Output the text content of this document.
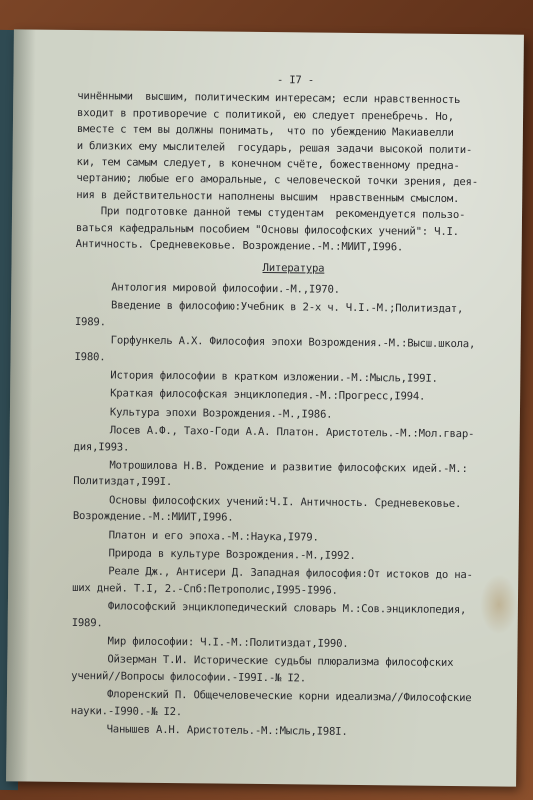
- I7 -
чинёнными  высшим, политическим интересам; если нравственность
входит в противоречие с политикой, ею следует пренебречь. Но,
вместе с тем вы должны понимать,  что по убеждению Макиавелли
и близких ему мыслителей  государь, решая задачи высокой полити-
ки, тем самым следует, в конечном счёте, божественному предна-
чертанию; любые его аморальные, с человеческой точки зрения, дея-
ния в действительности наполнены высшим  нравственным смыслом.
При подготовке данной темы студентам  рекомендуется пользо-
ваться кафедральным пособием "Основы философских учений": Ч.I.
Античность. Средневековье. Возрождение.-М.:МИИТ,I996.
Литература
Антология мировой философии.-М.,I970.
Введение в философию:Учебник в 2-х ч. Ч.I.-М.;Политиздат,
I989.
Горфункель А.Х. Философия эпохи Возрождения.-М.:Высш.школа,
I980.
История философии в кратком изложении.-М.:Мысль,I99I.
Краткая философская энциклопедия.-М.:Прогресс,I994.
Культура эпохи Возрождения.-М.,I986.
Лосев А.Ф., Тахо-Годи А.А. Платон. Аристотель.-М.:Мол.гвар-
дия,I993.
Мотрошилова Н.В. Рождение и развитие философских идей.-М.:
Политиздат,I99I.
Основы философских учений:Ч.I. Античность. Средневековье.
Возрождение.-М.:МИИТ,I996.
Платон и его эпоха.-М.:Наука,I979.
Природа в культуре Возрождения.-М.,I992.
Реале Дж., Антисери Д. Западная философия:От истоков до на-
ших дней. Т.I, 2.-Спб:Петрополис,I995-I996.
Философский энциклопедический словарь М.:Сов.энциклопедия,
I989.
Мир философии: Ч.I.-М.:Политиздат,I990.
Ойзерман Т.И. Исторические судьбы плюрализма философских
учений//Вопросы философии.-I99I.-№ I2.
Флоренский П. Общечеловеческие корни идеализма//Философские
науки.-I990.-№ I2.
Чанышев А.Н. Аристотель.-М.:Мысль,I98I.
